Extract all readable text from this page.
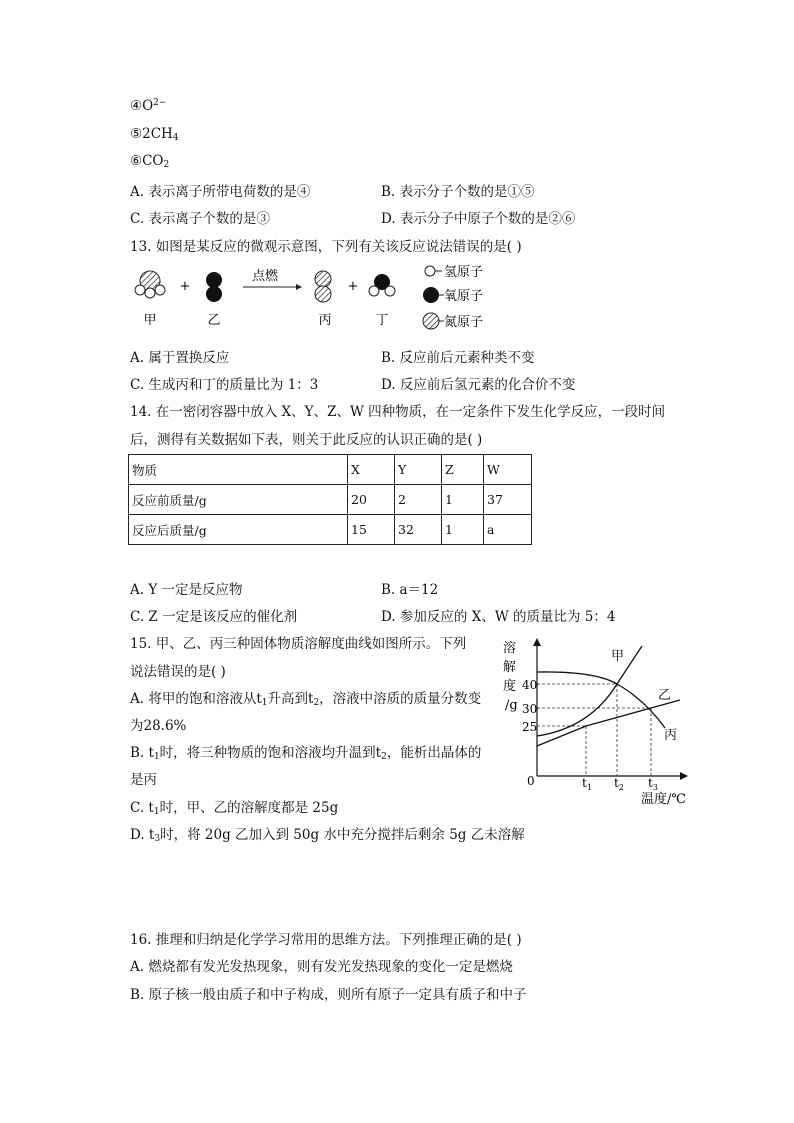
$④O^{2-}$
$⑤2CH_4$
$⑥CO_2$
A. 表示离子所带电荷数的是④	B. 表示分子个数的是①⑤
C. 表示离子个数的是③	D. 表示分子中原子个数的是②⑥
13. 如图是某反应的微观示意图，下列有关该反应说法错误的是( )
+
点燃
+
甲	乙	丙	丁
氢原子
氧原子
氮原子
A. 属于置换反应	B. 反应前后元素种类不变
C. 生成丙和丁的质量比为 1：3	D. 反应前后氢元素的化合价不变
14. 在一密闭容器中放入 X、Y、Z、W 四种物质，在一定条件下发生化学反应，一段时间
后，测得有关数据如下表，则关于此反应的认识正确的是( )
物质	X	Y	Z	W
反应前质量/g	20	2	1	37
反应后质量/g	15	32	1	a
A. Y 一定是反应物	B. a＝12
C. Z 一定是该反应的催化剂	D. 参加反应的 X、W 的质量比为 5：4
15. 甲、乙、丙三种固体物质溶解度曲线如图所示。下列
说法错误的是( )
A. 将甲的饱和溶液从$t_1$升高到$t_2$，溶液中溶质的质量分数变
为28.6%
B. $t_1$时，将三种物质的饱和溶液均升温到$t_2$，能析出晶体的
是丙
C. $t_1$时，甲、乙的溶解度都是 25g
D. $t_3$时，将 20g 乙加入到 50g 水中充分搅拌后剩余 5g 乙未溶解
溶
解
度
/g
40
30
25
0	$t_1$ $t_2$ $t_3$
温度/℃
甲
乙
丙
16. 推理和归纳是化学学习常用的思维方法。下列推理正确的是( )
A. 燃烧都有发光发热现象，则有发光发热现象的变化一定是燃烧
B. 原子核一般由质子和中子构成，则所有原子一定具有质子和中子
